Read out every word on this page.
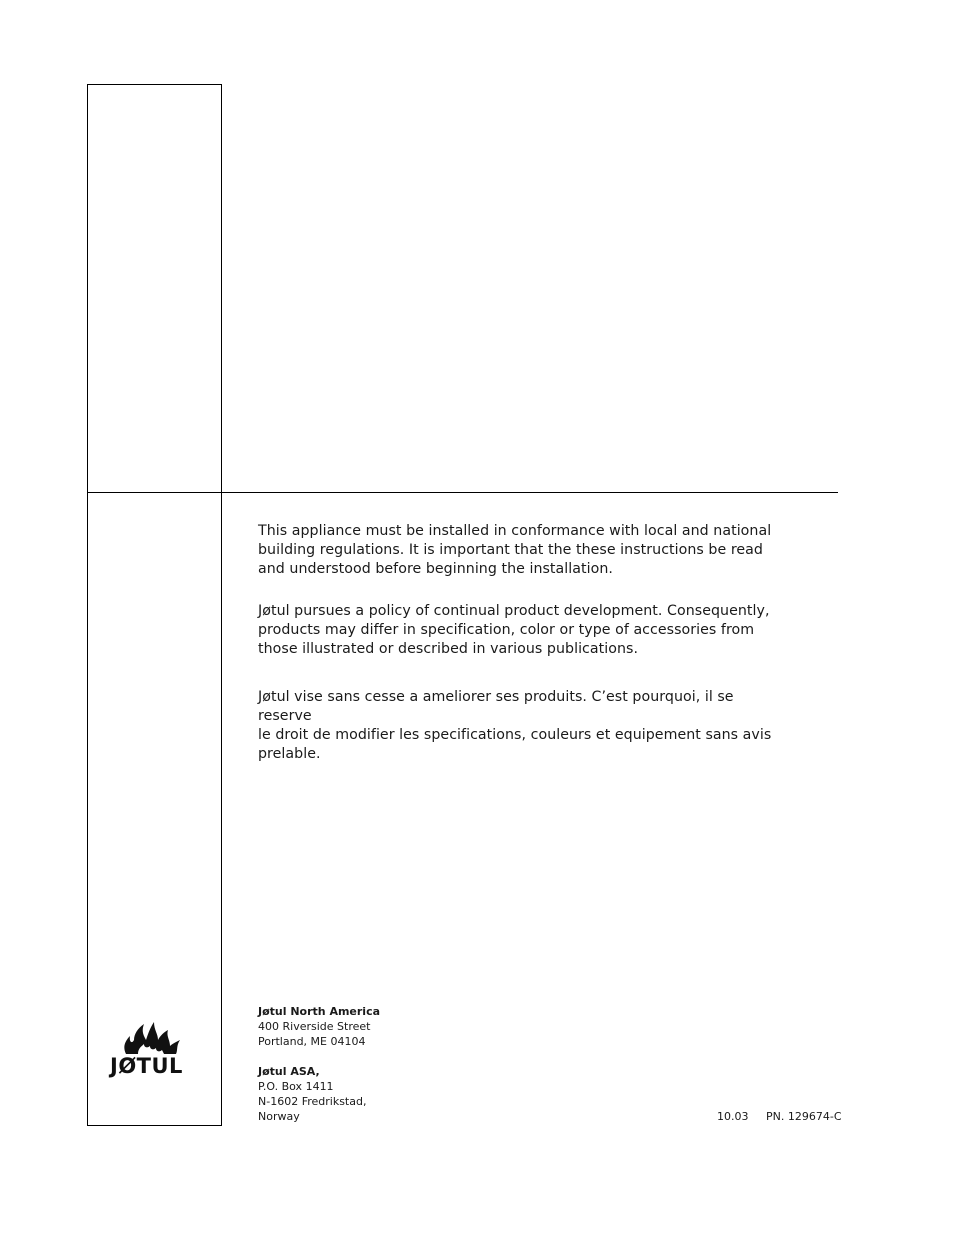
This appliance must be installed in conformance with local and national
building regulations. It is important that the these instructions be read
and understood before beginning the installation.

Jøtul pursues a policy of continual product development. Consequently,
products may differ in specification, color or type of accessories from
those illustrated or described in various publications.

Jøtul vise sans cesse a ameliorer ses produits. C’est pourquoi, il se reserve
le droit de modifier les specifications, couleurs et equipement sans avis
prelable.

Jøtul North America
400 Riverside Street
Portland, ME 04104
Jøtul ASA,
P.O. Box 1411
N-1602 Fredrikstad,
Norway	10.03 PN. 129674-C
JØTUL
